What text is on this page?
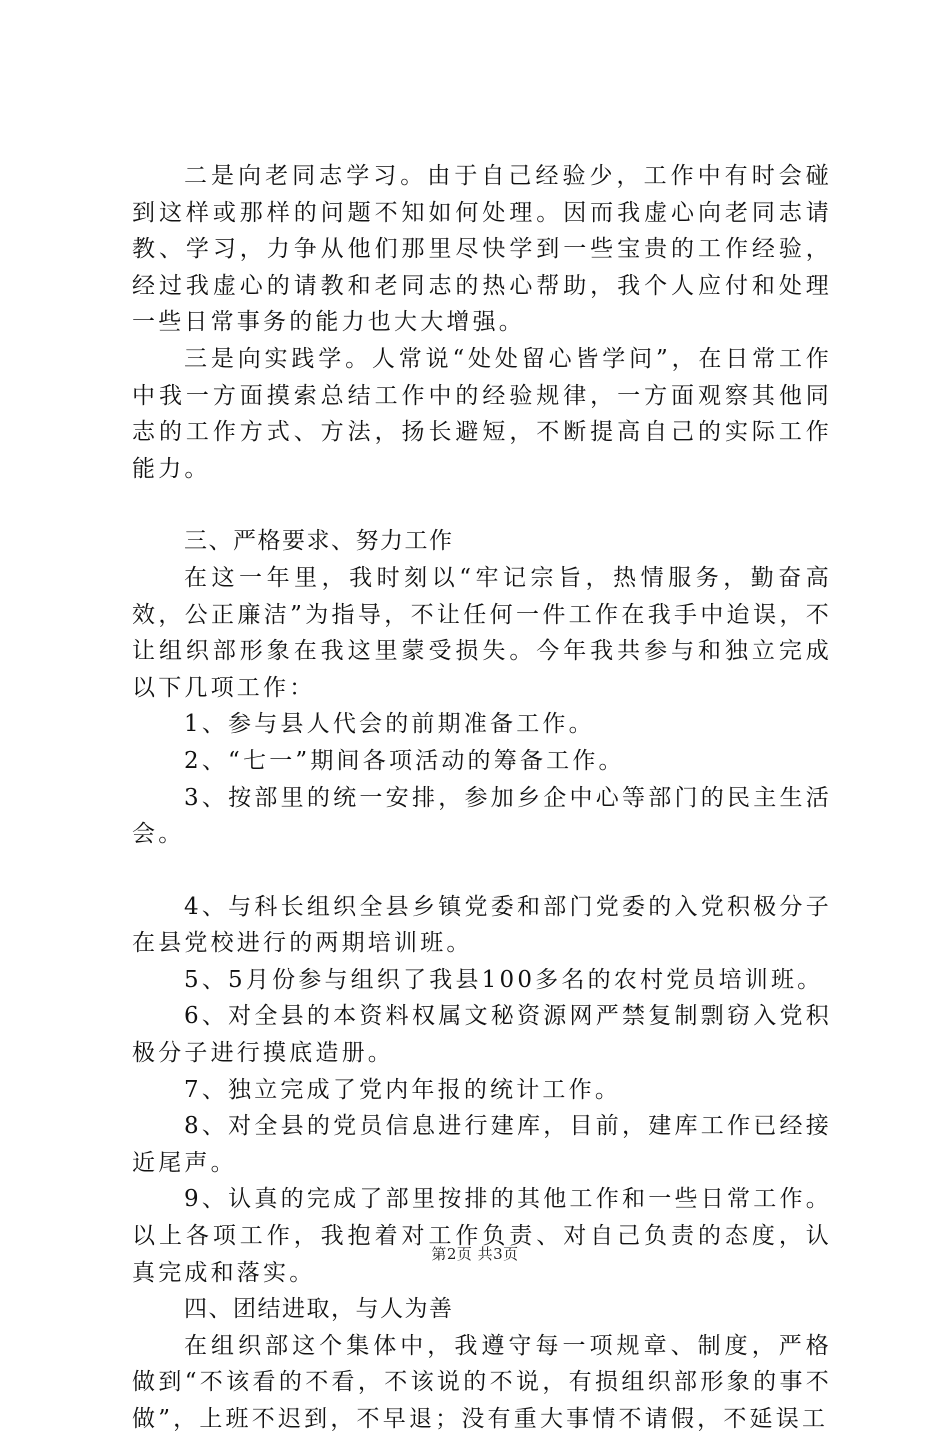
二是向老同志学习。由于自己经验少，工作中有时会碰到这样或那样的问题不知如何处理。因而我虚心向老同志请教、学习，力争从他们那里尽快学到一些宝贵的工作经验，经过我虚心的请教和老同志的热心帮助，我个人应付和处理一些日常事务的能力也大大增强。

三是向实践学。人常说“处处留心皆学问”，在日常工作中我一方面摸索总结工作中的经验规律，一方面观察其他同志的工作方式、方法，扬长避短，不断提高自己的实际工作能力。

三、严格要求、努力工作

在这一年里，我时刻以“牢记宗旨，热情服务，勤奋高效，公正廉洁”为指导，不让任何一件工作在我手中迨误，不让组织部形象在我这里蒙受损失。今年我共参与和独立完成以下几项工作：

1、参与县人代会的前期准备工作。

2、“七一”期间各项活动的筹备工作。

3、按部里的统一安排，参加乡企中心等部门的民主生活会。

4、与科长组织全县乡镇党委和部门党委的入党积极分子在县党校进行的两期培训班。

5、5月份参与组织了我县100多名的农村党员培训班。

6、对全县的本资料权属文秘资源网严禁复制剽窃入党积极分子进行摸底造册。

7、独立完成了党内年报的统计工作。

8、对全县的党员信息进行建库，目前，建库工作已经接近尾声。

9、认真的完成了部里按排的其他工作和一些日常工作。以上各项工作，我抱着对工作负责、对自己负责的态度，认真完成和落实。

四、团结进取，与人为善

在组织部这个集体中，我遵守每一项规章、制度，严格做到“不该看的不看，不该说的不说，有损组织部形象的事不做”，上班不迟到，不早退；没有重大事情不请假，不延误工

第2页 共3页
